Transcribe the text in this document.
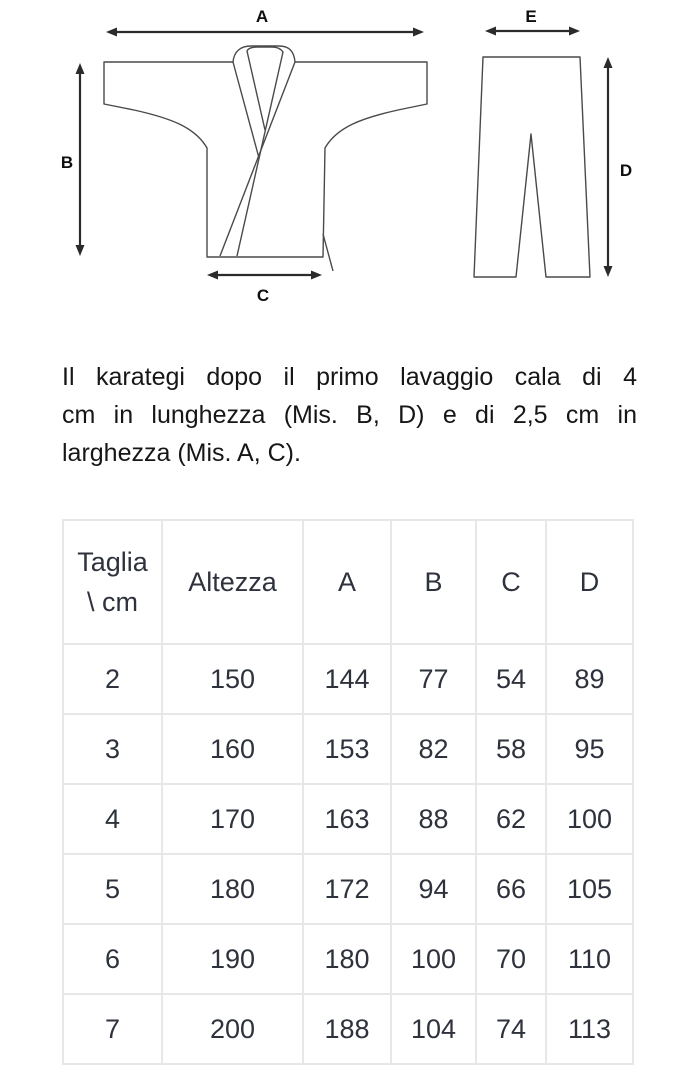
A
B
C
D
E
Il karategi dopo il primo lavaggio cala di 4
cm in lunghezza (Mis. B, D) e di 2,5 cm in
larghezza (Mis. A, C).
Taglia
\ cm	Altezza	A	B	C	D
2	150	144	77	54	89
3	160	153	82	58	95
4	170	163	88	62	100
5	180	172	94	66	105
6	190	180	100	70	110
7	200	188	104	74	113
